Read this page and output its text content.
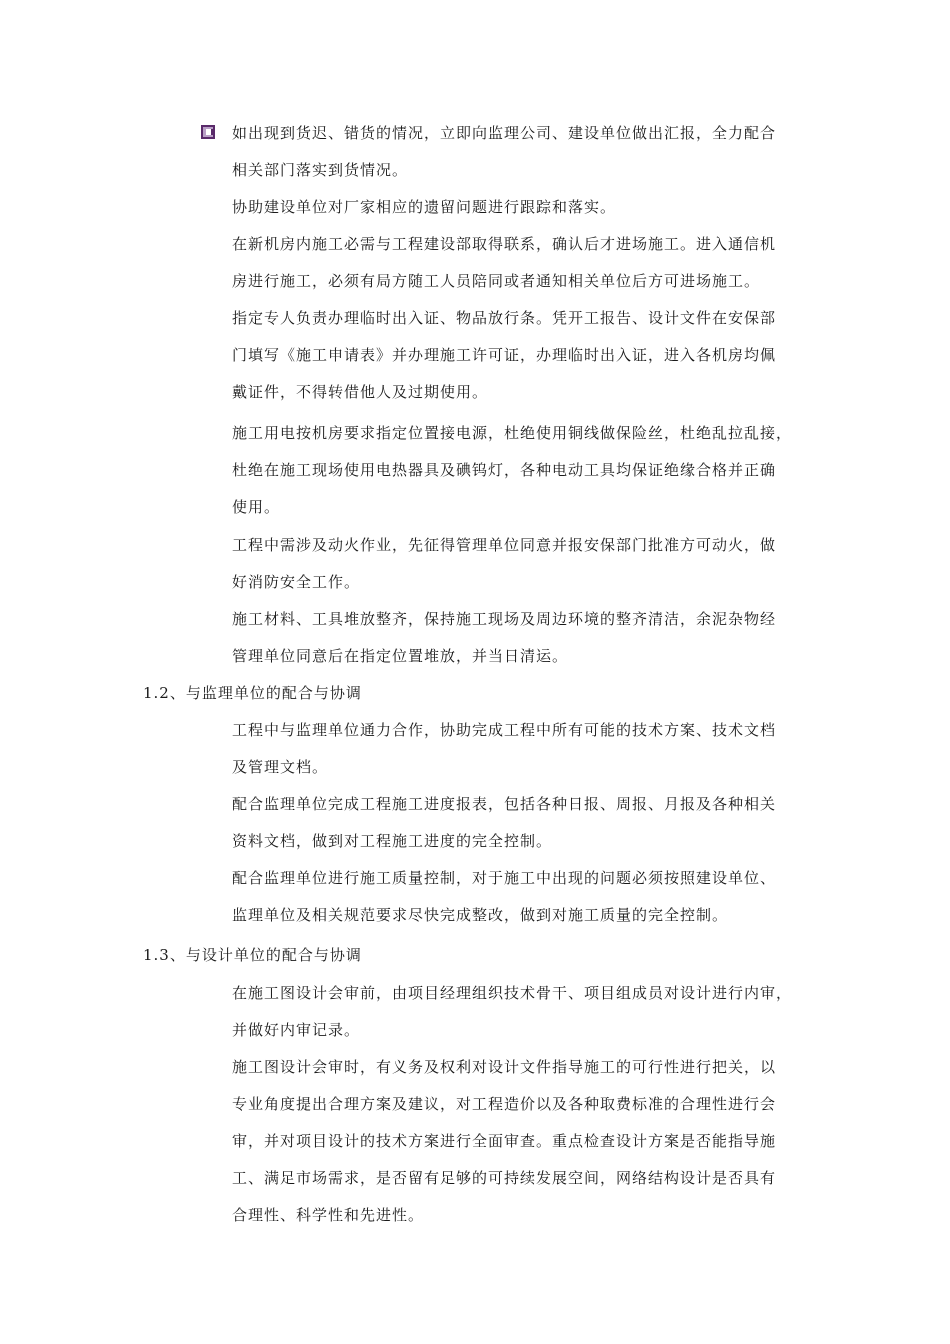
如出现到货迟、错货的情况，立即向监理公司、建设单位做出汇报，全力配合
相关部门落实到货情况。
协助建设单位对厂家相应的遗留问题进行跟踪和落实。
在新机房内施工必需与工程建设部取得联系，确认后才进场施工。进入通信机
房进行施工，必须有局方随工人员陪同或者通知相关单位后方可进场施工。
指定专人负责办理临时出入证、物品放行条。凭开工报告、设计文件在安保部
门填写《施工申请表》并办理施工许可证，办理临时出入证，进入各机房均佩
戴证件，不得转借他人及过期使用。
施工用电按机房要求指定位置接电源，杜绝使用铜线做保险丝，杜绝乱拉乱接，
杜绝在施工现场使用电热器具及碘钨灯，各种电动工具均保证绝缘合格并正确
使用。
工程中需涉及动火作业，先征得管理单位同意并报安保部门批准方可动火，做
好消防安全工作。
施工材料、工具堆放整齐，保持施工现场及周边环境的整齐清洁，余泥杂物经
管理单位同意后在指定位置堆放，并当日清运。
1.2、与监理单位的配合与协调
工程中与监理单位通力合作，协助完成工程中所有可能的技术方案、技术文档
及管理文档。
配合监理单位完成工程施工进度报表，包括各种日报、周报、月报及各种相关
资料文档，做到对工程施工进度的完全控制。
配合监理单位进行施工质量控制，对于施工中出现的问题必须按照建设单位、
监理单位及相关规范要求尽快完成整改，做到对施工质量的完全控制。
1.3、与设计单位的配合与协调
在施工图设计会审前，由项目经理组织技术骨干、项目组成员对设计进行内审，
并做好内审记录。
施工图设计会审时，有义务及权利对设计文件指导施工的可行性进行把关，以
专业角度提出合理方案及建议，对工程造价以及各种取费标准的合理性进行会
审，并对项目设计的技术方案进行全面审查。重点检查设计方案是否能指导施
工、满足市场需求，是否留有足够的可持续发展空间，网络结构设计是否具有
合理性、科学性和先进性。
